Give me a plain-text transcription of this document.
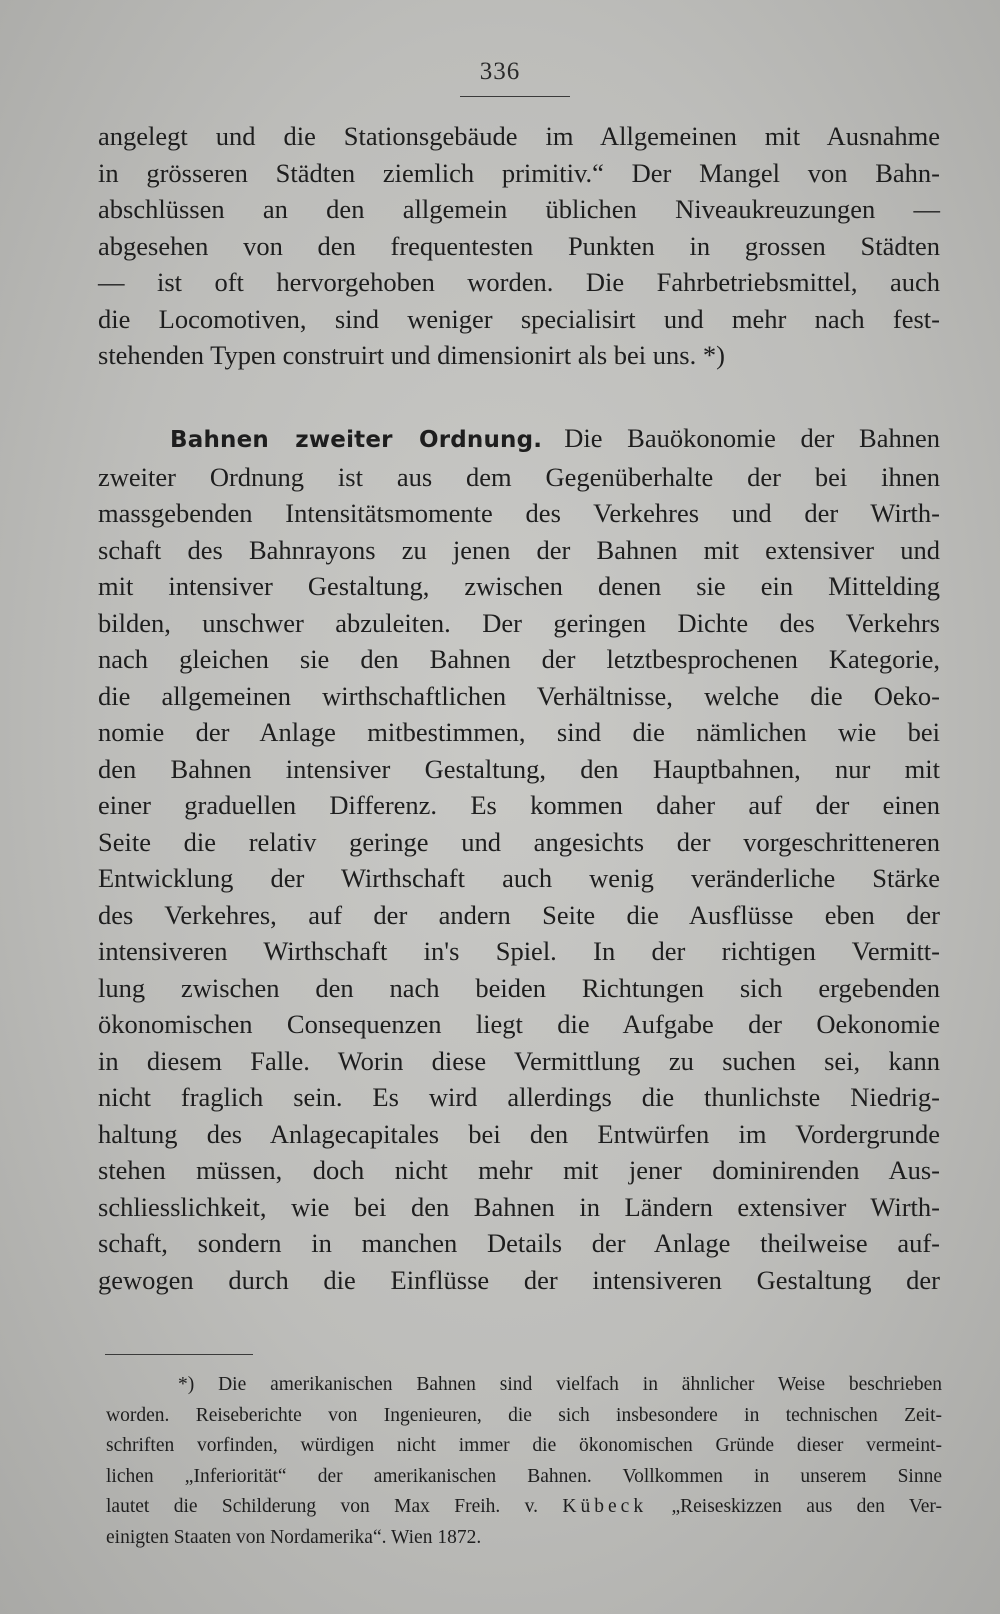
336
angelegt und die Stationsgebäude im Allgemeinen mit Ausnahme
in grösseren Städten ziemlich primitiv.“ Der Mangel von Bahn-
abschlüssen an den allgemein üblichen Niveaukreuzungen —
abgesehen von den frequentesten Punkten in grossen Städten
— ist oft hervorgehoben worden. Die Fahrbetriebsmittel, auch
die Locomotiven, sind weniger specialisirt und mehr nach fest-
stehenden Typen construirt und dimensionirt als bei uns. *)
Bahnen zweiter Ordnung. Die Bauökonomie der Bahnen
zweiter Ordnung ist aus dem Gegenüberhalte der bei ihnen
massgebenden Intensitätsmomente des Verkehres und der Wirth-
schaft des Bahnrayons zu jenen der Bahnen mit extensiver und
mit intensiver Gestaltung, zwischen denen sie ein Mittelding
bilden, unschwer abzuleiten. Der geringen Dichte des Verkehrs
nach gleichen sie den Bahnen der letztbesprochenen Kategorie,
die allgemeinen wirthschaftlichen Verhältnisse, welche die Oeko-
nomie der Anlage mitbestimmen, sind die nämlichen wie bei
den Bahnen intensiver Gestaltung, den Hauptbahnen, nur mit
einer graduellen Differenz. Es kommen daher auf der einen
Seite die relativ geringe und angesichts der vorgeschritteneren
Entwicklung der Wirthschaft auch wenig veränderliche Stärke
des Verkehres, auf der andern Seite die Ausflüsse eben der
intensiveren Wirthschaft in's Spiel. In der richtigen Vermitt-
lung zwischen den nach beiden Richtungen sich ergebenden
ökonomischen Consequenzen liegt die Aufgabe der Oekonomie
in diesem Falle. Worin diese Vermittlung zu suchen sei, kann
nicht fraglich sein. Es wird allerdings die thunlichste Niedrig-
haltung des Anlagecapitales bei den Entwürfen im Vordergrunde
stehen müssen, doch nicht mehr mit jener dominirenden Aus-
schliesslichkeit, wie bei den Bahnen in Ländern extensiver Wirth-
schaft, sondern in manchen Details der Anlage theilweise auf-
gewogen durch die Einflüsse der intensiveren Gestaltung der
*) Die amerikanischen Bahnen sind vielfach in ähnlicher Weise beschrieben
worden. Reiseberichte von Ingenieuren, die sich insbesondere in technischen Zeit-
schriften vorfinden, würdigen nicht immer die ökonomischen Gründe dieser vermeint-
lichen „Inferiorität“ der amerikanischen Bahnen. Vollkommen in unserem Sinne
lautet die Schilderung von Max Freih. v. Kübeck „Reiseskizzen aus den Ver-
einigten Staaten von Nordamerika“. Wien 1872.
